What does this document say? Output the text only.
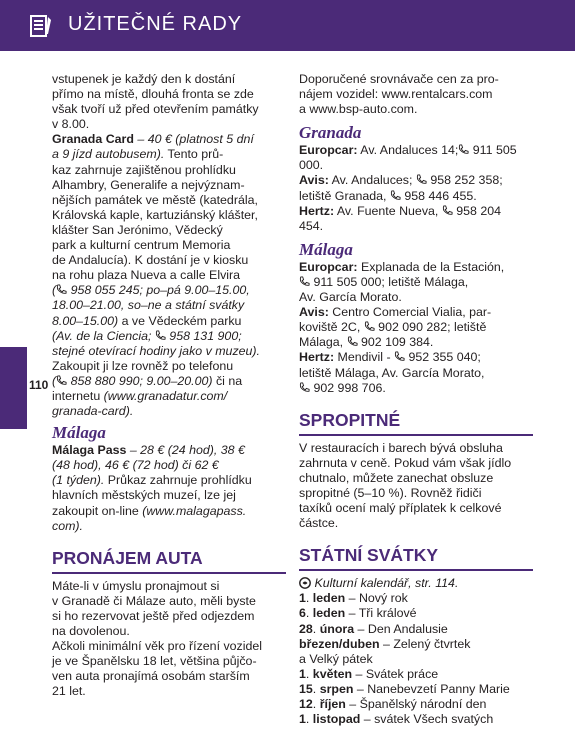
UŽITEČNÉ RADY

vstupenek je každý den k dostání

přímo na místě, dlouhá fronta se zde

však tvoří už před otevřením památky

v 8.00.

Granada Card – 40 € (platnost 5 dní

a 9 jízd autobusem). Tento prů-

kaz zahrnuje zajištěnou prohlídku

Alhambry, Generalife a nejvýznam-

nějších památek ve městě (katedrála,

Královská kaple, kartuziánský klášter,

klášter San Jerónimo, Vědecký

park a kulturní centrum Memoria

de Andalucía). K dostání je v kiosku

na rohu plaza Nueva a calle Elvira

( 958 055 245; po–pá 9.00–15.00,

18.00–21.00, so–ne a státní svátky

8.00–15.00) a ve Vědeckém parku

(Av. de la Ciencia;  958 131 900;

stejné otevírací hodiny jako v muzeu).

Zakoupit ji lze rovněž po telefonu

( 858 880 990; 9.00–20.00) či na

internetu (www.granadatur.com/

granada-card).

Málaga

Málaga Pass – 28 € (24 hod), 38 €

(48 hod), 46 € (72 hod) či 62 €

(1 týden). Průkaz zahrnuje prohlídku

hlavních městských muzeí, lze jej

zakoupit on-line (www.malagapass.

com).

PRONÁJEM AUTA

Máte-li v úmyslu pronajmout si

v Granadě či Málaze auto, měli byste

si ho rezervovat ještě před odjezdem

na dovolenou.

Ačkoli minimální věk pro řízení vozidel

je ve Španělsku 18 let, většina půjčo-

ven auta pronajímá osobám starším

21 let.

Doporučené srovnávače cen za pro-

nájem vozidel: www.rentalcars.com

a www.bsp-auto.com.

Granada

Europcar: Av. Andaluces 14; 911 505

000.

Avis: Av. Andaluces;  958 252 358;

letiště Granada,  958 446 455.

Hertz: Av. Fuente Nueva,  958 204

454.

Málaga

Europcar: Explanada de la Estación,

911 505 000; letiště Málaga,

Av. García Morato.

Avis: Centro Comercial Vialia, par-

koviště 2C,  902 090 282; letiště

Málaga,  902 109 384.

Hertz: Mendivil -  952 355 040;

letiště Málaga, Av. García Morato,

902 998 706.

SPROPITNÉ

V restauracích i barech bývá obsluha

zahrnuta v ceně. Pokud vám však jídlo

chutnalo, můžete zanechat obsluze

spropitné (5–10 %). Rovněž řidiči

taxíků ocení malý příplatek k celkové

částce.

STÁTNÍ SVÁTKY

Kulturní kalendář, str. 114.

1. leden – Nový rok

6. leden – Tři králové

28. února – Den Andalusie

březen/duben – Zelený čtvrtek

a Velký pátek

1. květen – Svátek práce

15. srpen – Nanebevzetí Panny Marie

12. říjen – Španělský národní den

1. listopad – svátek Všech svatých

110
